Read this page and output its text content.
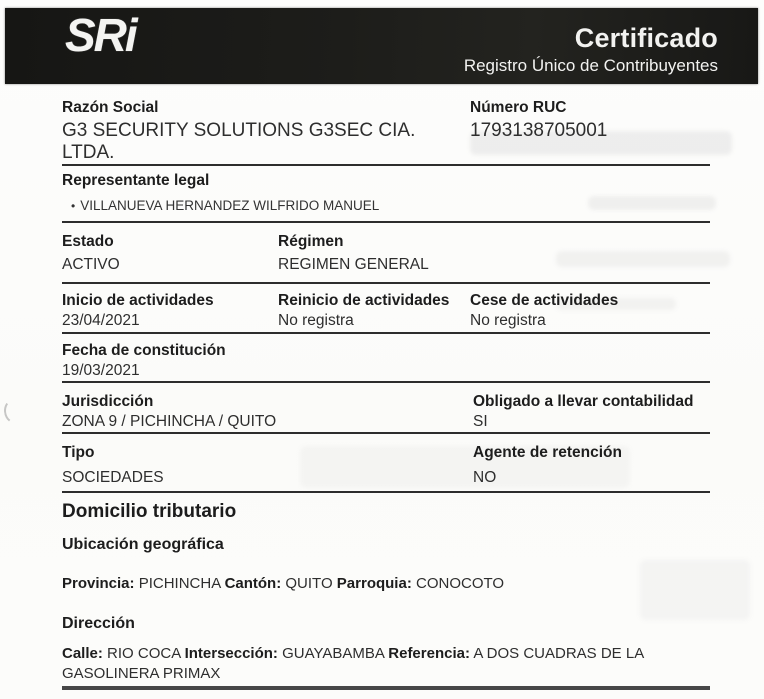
SRi	Certificado
Registro Único de Contribuyentes
Razón Social
G3 SECURITY SOLUTIONS G3SEC CIA. LTDA.
Número RUC
1793138705001
Representante legal
• VILLANUEVA HERNANDEZ WILFRIDO MANUEL
Estado
ACTIVO
Régimen
REGIMEN GENERAL
Inicio de actividades
23/04/2021
Reinicio de actividades
No registra
Cese de actividades
No registra
Fecha de constitución
19/03/2021
Jurisdicción
ZONA 9 / PICHINCHA / QUITO
Obligado a llevar contabilidad
SI
Tipo
SOCIEDADES
Agente de retención
NO
Domicilio tributario
Ubicación geográfica
Provincia: PICHINCHA Cantón: QUITO Parroquia: CONOCOTO
Dirección
Calle: RIO COCA Intersección: GUAYABAMBA Referencia: A DOS CUADRAS DE LA GASOLINERA PRIMAX
